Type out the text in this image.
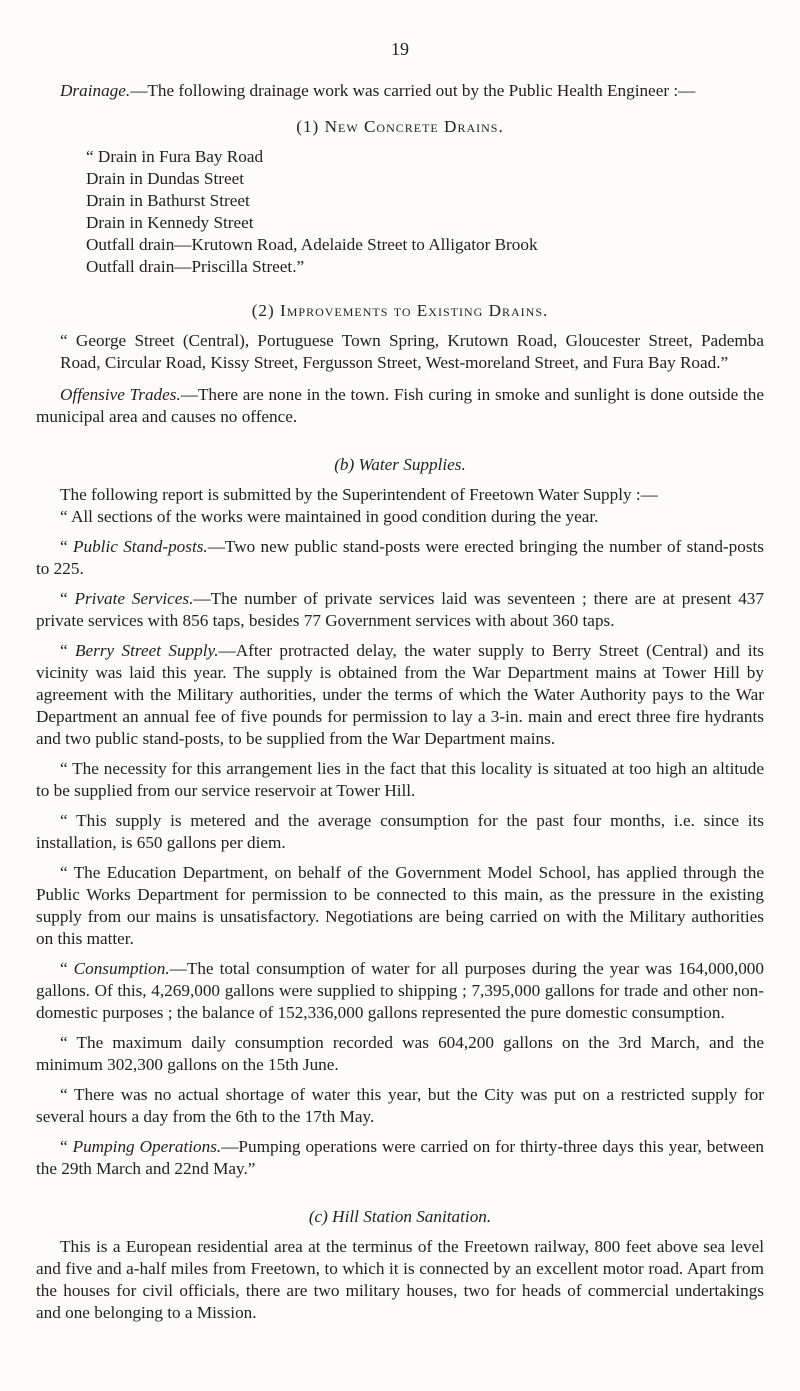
19

Drainage.—The following drainage work was carried out by the Public Health Engineer :—

(1) New Concrete Drains.

“ Drain in Fura Bay Road
Drain in Dundas Street
Drain in Bathurst Street
Drain in Kennedy Street
Outfall drain—Krutown Road, Adelaide Street to Alligator Brook
Outfall drain—Priscilla Street.”

(2) Improvements to Existing Drains.

“ George Street (Central), Portuguese Town Spring, Krutown Road, Gloucester Street, Pademba Road, Circular Road, Kissy Street, Fergusson Street, West-moreland Street, and Fura Bay Road.”

Offensive Trades.—There are none in the town. Fish curing in smoke and sunlight is done outside the municipal area and causes no offence.

(b) Water Supplies.

The following report is submitted by the Superintendent of Freetown Water Supply :—

“ All sections of the works were maintained in good condition during the year.

“ Public Stand-posts.—Two new public stand-posts were erected bringing the number of stand-posts to 225.

“ Private Services.—The number of private services laid was seventeen ; there are at present 437 private services with 856 taps, besides 77 Government services with about 360 taps.

“ Berry Street Supply.—After protracted delay, the water supply to Berry Street (Central) and its vicinity was laid this year. The supply is obtained from the War Department mains at Tower Hill by agreement with the Military authorities, under the terms of which the Water Authority pays to the War Department an annual fee of five pounds for permission to lay a 3-in. main and erect three fire hydrants and two public stand-posts, to be supplied from the War Department mains.

“ The necessity for this arrangement lies in the fact that this locality is situated at too high an altitude to be supplied from our service reservoir at Tower Hill.

“ This supply is metered and the average consumption for the past four months, i.e. since its installation, is 650 gallons per diem.

“ The Education Department, on behalf of the Government Model School, has applied through the Public Works Department for permission to be connected to this main, as the pressure in the existing supply from our mains is unsatisfactory. Negotiations are being carried on with the Military authorities on this matter.

“ Consumption.—The total consumption of water for all purposes during the year was 164,000,000 gallons. Of this, 4,269,000 gallons were supplied to shipping ; 7,395,000 gallons for trade and other non-domestic purposes ; the balance of 152,336,000 gallons represented the pure domestic consumption.

“ The maximum daily consumption recorded was 604,200 gallons on the 3rd March, and the minimum 302,300 gallons on the 15th June.

“ There was no actual shortage of water this year, but the City was put on a restricted supply for several hours a day from the 6th to the 17th May.

“ Pumping Operations.—Pumping operations were carried on for thirty-three days this year, between the 29th March and 22nd May.”

(c) Hill Station Sanitation.

This is a European residential area at the terminus of the Freetown railway, 800 feet above sea level and five and a-half miles from Freetown, to which it is connected by an excellent motor road. Apart from the houses for civil officials, there are two military houses, two for heads of commercial undertakings and one belonging to a Mission.
